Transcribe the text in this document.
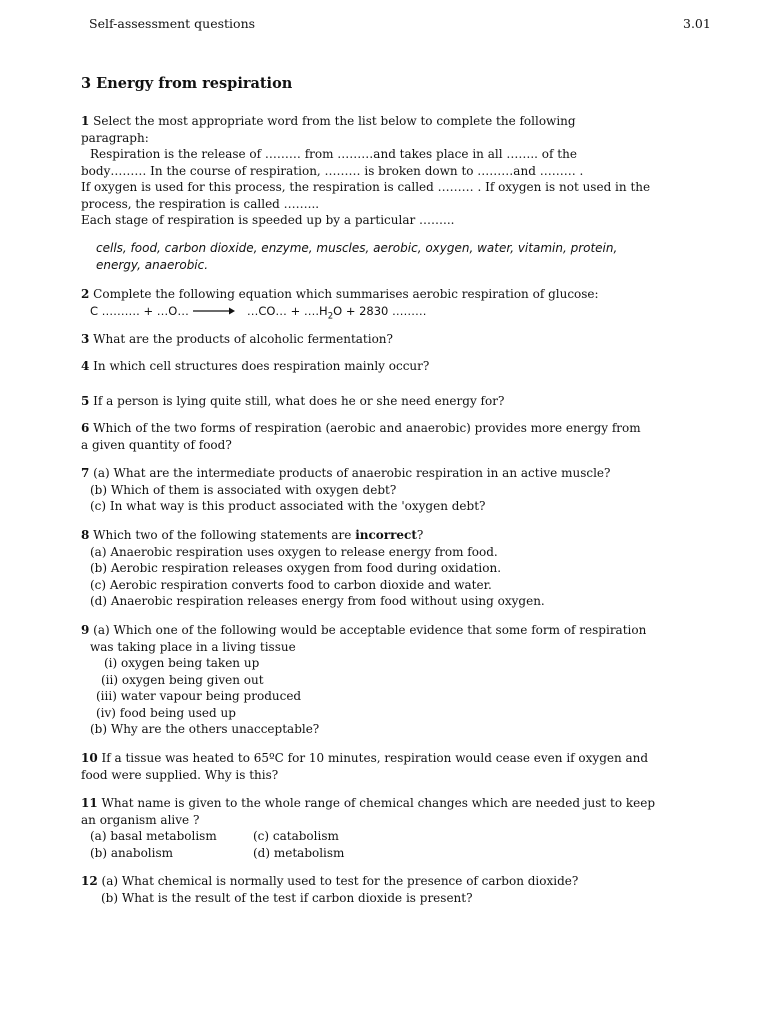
Self-assessment questions	3.01
3 Energy from respiration
1 Select the most appropriate word from the list below to complete the following
paragraph:
Respiration is the release of ……… from ………and takes place in all …….. of the
body……… In the course of respiration, ……… is broken down to ………and ……… .
If oxygen is used for this process, the respiration is called ……… . If oxygen is not used in the
process, the respiration is called ……...
Each stage of respiration is speeded up by a particular ……...
cells, food, carbon dioxide, enzyme, muscles, aerobic, oxygen, water, vitamin, protein,
energy, anaerobic.
2 Complete the following equation which summarises aerobic respiration of glucose:
C ………. + …O… → …CO… + $\dots.H_2O + 2830$ ………
3 What are the products of alcoholic fermentation?
4 In which cell structures does respiration mainly occur?
5 If a person is lying quite still, what does he or she need energy for?
6 Which of the two forms of respiration (aerobic and anaerobic) provides more energy from
a given quantity of food?
7 (a) What are the intermediate products of anaerobic respiration in an active muscle?
(b) Which of them is associated with oxygen debt?
(c) In what way is this product associated with the 'oxygen debt?
8 Which two of the following statements are incorrect?
(a) Anaerobic respiration uses oxygen to release energy from food.
(b) Aerobic respiration releases oxygen from food during oxidation.
(c) Aerobic respiration converts food to carbon dioxide and water.
(d) Anaerobic respiration releases energy from food without using oxygen.
9 (a) Which one of the following would be acceptable evidence that some form of respiration
was taking place in a living tissue
(i) oxygen being taken up
(ii) oxygen being given out
(iii) water vapour being produced
(iv) food being used up
(b) Why are the others unacceptable?
10 If a tissue was heated to 65ºC for 10 minutes, respiration would cease even if oxygen and
food were supplied. Why is this?
11 What name is given to the whole range of chemical changes which are needed just to keep
an organism alive ?
(a) basal metabolism	(c) catabolism
(b) anabolism	(d) metabolism
12 (a) What chemical is normally used to test for the presence of carbon dioxide?
(b) What is the result of the test if carbon dioxide is present?
